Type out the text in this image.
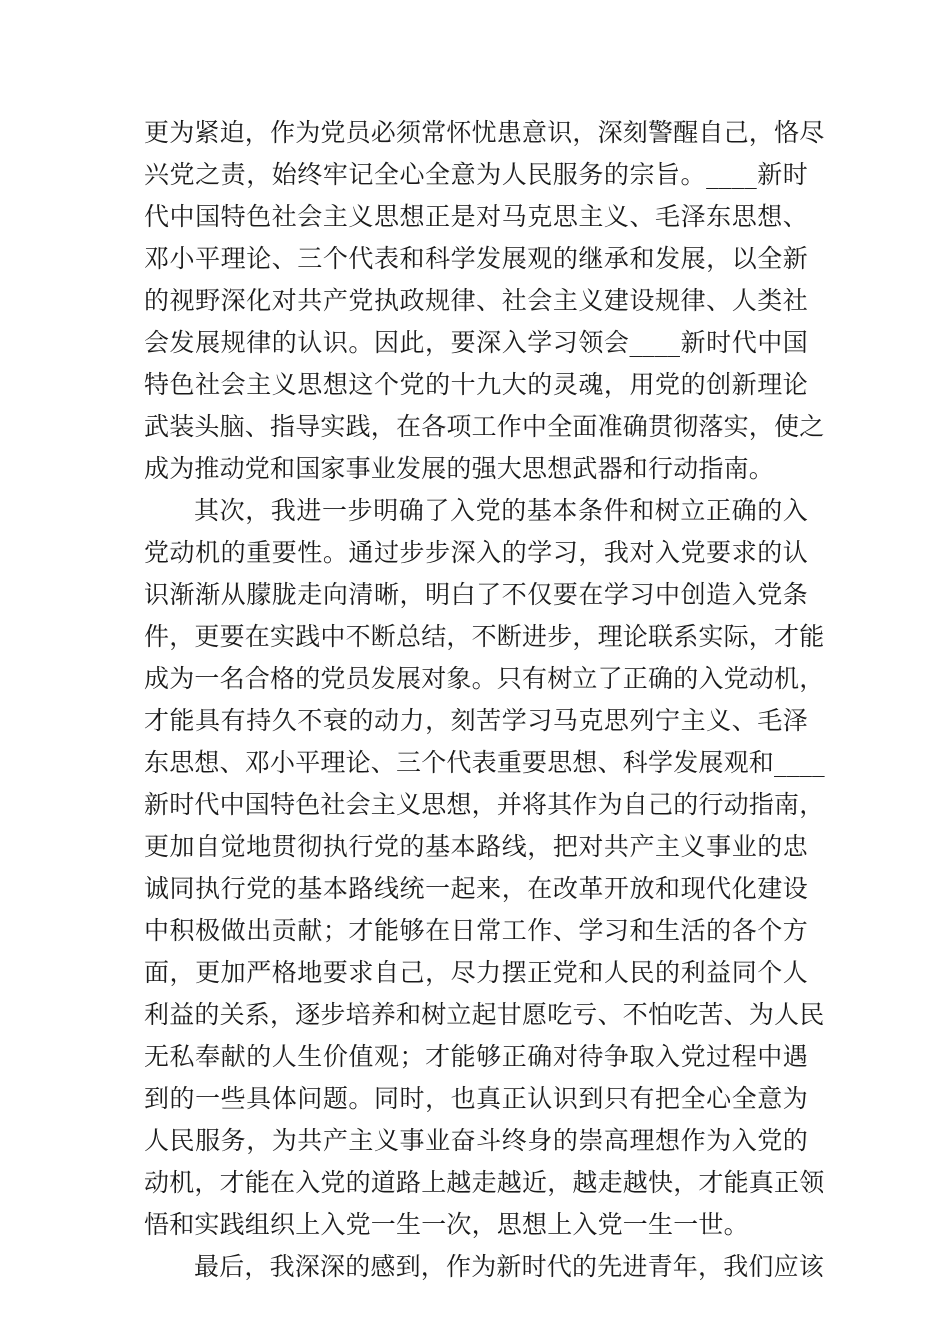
更为紧迫，作为党员必须常怀忧患意识，深刻警醒自己，恪尽
兴党之责，始终牢记全心全意为人民服务的宗旨。____新时
代中国特色社会主义思想正是对马克思主义、毛泽东思想、
邓小平理论、三个代表和科学发展观的继承和发展，以全新
的视野深化对共产党执政规律、社会主义建设规律、人类社
会发展规律的认识。因此，要深入学习领会____新时代中国
特色社会主义思想这个党的十九大的灵魂，用党的创新理论
武装头脑、指导实践，在各项工作中全面准确贯彻落实，使之
成为推动党和国家事业发展的强大思想武器和行动指南。
其次，我进一步明确了入党的基本条件和树立正确的入
党动机的重要性。通过步步深入的学习，我对入党要求的认
识渐渐从朦胧走向清晰，明白了不仅要在学习中创造入党条
件，更要在实践中不断总结，不断进步，理论联系实际，才能
成为一名合格的党员发展对象。只有树立了正确的入党动机，
才能具有持久不衰的动力，刻苦学习马克思列宁主义、毛泽
东思想、邓小平理论、三个代表重要思想、科学发展观和____
新时代中国特色社会主义思想，并将其作为自己的行动指南，
更加自觉地贯彻执行党的基本路线，把对共产主义事业的忠
诚同执行党的基本路线统一起来，在改革开放和现代化建设
中积极做出贡献；才能够在日常工作、学习和生活的各个方
面，更加严格地要求自己，尽力摆正党和人民的利益同个人
利益的关系，逐步培养和树立起甘愿吃亏、不怕吃苦、为人民
无私奉献的人生价值观；才能够正确对待争取入党过程中遇
到的一些具体问题。同时，也真正认识到只有把全心全意为
人民服务，为共产主义事业奋斗终身的崇高理想作为入党的
动机，才能在入党的道路上越走越近，越走越快，才能真正领
悟和实践组织上入党一生一次，思想上入党一生一世。
最后，我深深的感到，作为新时代的先进青年，我们应该
